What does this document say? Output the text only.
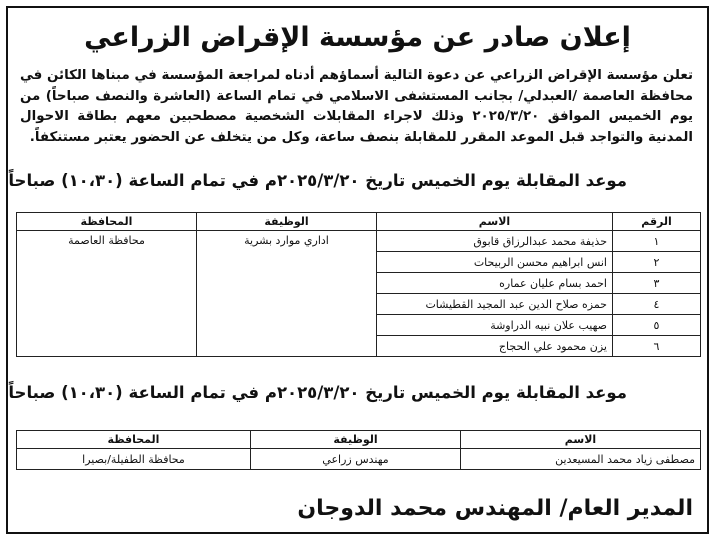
إعلان صادر عن مؤسسة الإقراض الزراعي
تعلن مؤسسة الإقراض الزراعي عن دعوة التالية أسماؤهم أدناه لمراجعة المؤسسة في مبناها الكائن في محافظة العاصمة /العبدلي/ بجانب المستشفى الاسلامي في تمام الساعة (العاشرة والنصف صباحاً) من يوم الخميس الموافق ٢٠٢٥/٣/٢٠ وذلك لاجراء المقابلات الشخصية مصطحبين معهم بطاقة الاحوال المدنية والتواجد قبل الموعد المقرر للمقابلة بنصف ساعة، وكل من يتخلف عن الحضور يعتبر مستنكفاً.
موعد المقابلة يوم الخميس تاريخ ٢٠٢٥/٣/٢٠م في تمام الساعة (١٠،٣٠) صباحاً
الرقم	الاسم	الوظيفة	المحافظة
١	حذيفة محمد عبدالرزاق قابوق	اداري موارد بشرية	محافظة العاصمة
٢	انس ابراهيم محسن الربيحات		
٣	احمد بسام عليان عماره		
٤	حمزه صلاح الدين عبد المجيد القطيشات		
٥	صهيب علان نبيه الدراوشة		
٦	يزن محمود علي الحجاج		
موعد المقابلة يوم الخميس تاريخ ٢٠٢٥/٣/٢٠م في تمام الساعة (١٠،٣٠) صباحاً
الاسم	الوظيفة	المحافظة
مصطفى زياد محمد المسيعدين	مهندس زراعي	محافظة الطفيلة/بصيرا
المدير العام/ المهندس محمد الدوجان
